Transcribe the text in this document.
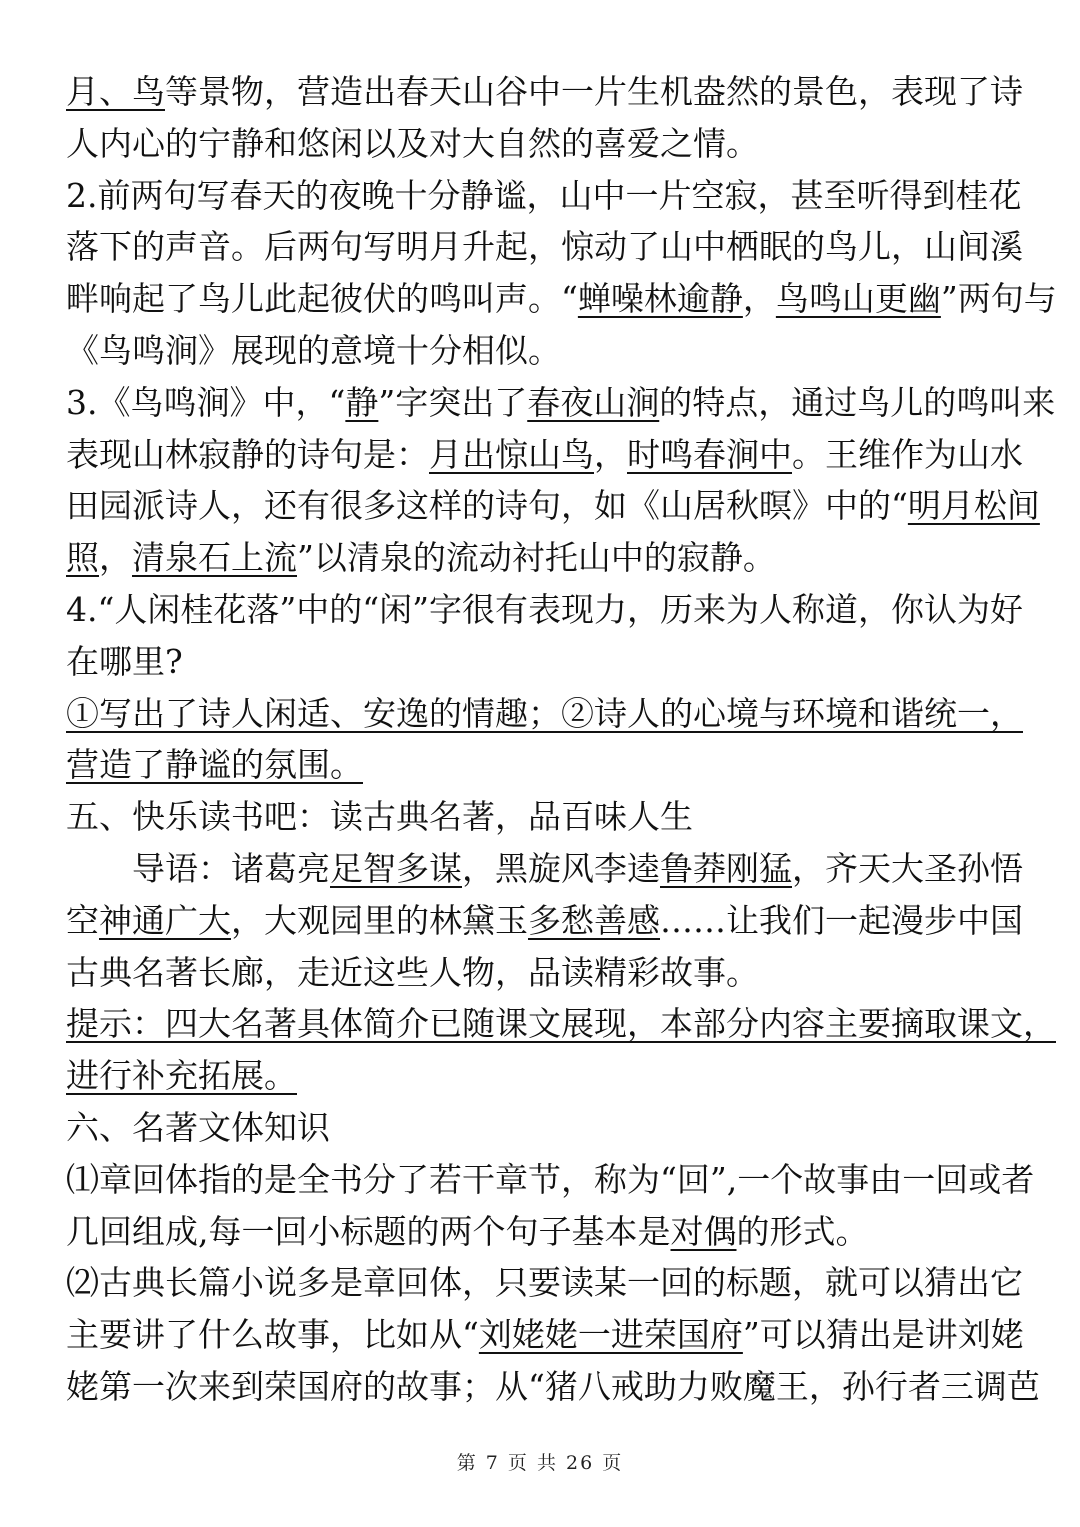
月、鸟等景物，营造出春天山谷中一片生机盎然的景色，表现了诗
人内心的宁静和悠闲以及对大自然的喜爱之情。
2.前两句写春天的夜晚十分静谧，山中一片空寂，甚至听得到桂花
落下的声音。后两句写明月升起，惊动了山中栖眠的鸟儿，山间溪
畔响起了鸟儿此起彼伏的鸣叫声。“蝉噪林逾静，鸟鸣山更幽”两句与
《鸟鸣涧》展现的意境十分相似。
3.《鸟鸣涧》中，“静”字突出了春夜山涧的特点，通过鸟儿的鸣叫来
表现山林寂静的诗句是：月出惊山鸟，时鸣春涧中。王维作为山水
田园派诗人，还有很多这样的诗句，如《山居秋暝》中的“明月松间
照，清泉石上流”以清泉的流动衬托山中的寂静。
4.“人闲桂花落”中的“闲”字很有表现力，历来为人称道，你认为好
在哪里?
①写出了诗人闲适、安逸的情趣；②诗人的心境与环境和谐统一，
营造了静谧的氛围。
五、快乐读书吧：读古典名著，品百味人生
导语：诸葛亮足智多谋，黑旋风李逵鲁莽刚猛，齐天大圣孙悟
空神通广大，大观园里的林黛玉多愁善感……让我们一起漫步中国
古典名著长廊，走近这些人物，品读精彩故事。
提示：四大名著具体简介已随课文展现，本部分内容主要摘取课文，
进行补充拓展。
六、名著文体知识
⑴章回体指的是全书分了若干章节，称为“回”,一个故事由一回或者
几回组成,每一回小标题的两个句子基本是对偶的形式。
⑵古典长篇小说多是章回体，只要读某一回的标题，就可以猜出它
主要讲了什么故事，比如从“刘姥姥一进荣国府”可以猜出是讲刘姥
姥第一次来到荣国府的故事；从“猪八戒助力败魔王，孙行者三调芭
第 7 页 共 26 页
